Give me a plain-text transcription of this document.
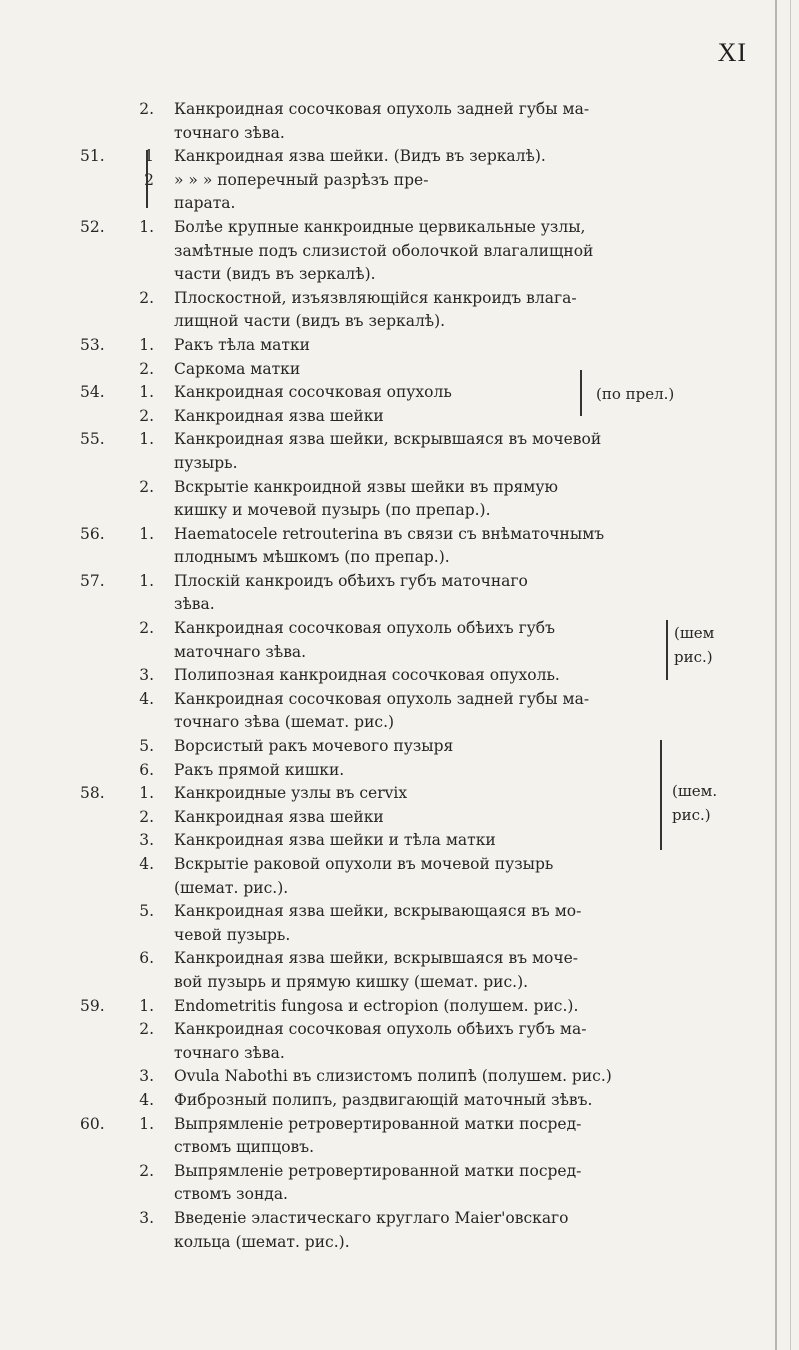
XI
2. Канкроидная сосочковая опухоль задней губы ма-
точнаго зѣва.
51.	1 Канкроидная язва шейки. (Видъ въ зеркалѣ).
2 » » » поперечный разрѣзъ пре-
парата.
52.	1. Болѣе крупные канкроидные цервикальные узлы,
замѣтные подъ слизистой оболочкой влагалищной
части (видъ въ зеркалѣ).
2. Плоскостной, изъязвляющійся канкроидъ влага-
лищной части (видъ въ зеркалѣ).
53.	1. Ракъ тѣла матки
2. Саркома матки
54.	1. Канкроидная сосочковая опухоль
2. Канкроидная язва шейки
55.	1. Канкроидная язва шейки, вскрывшаяся въ мочевой
пузырь.
2. Вскрытіе канкроидной язвы шейки въ прямую
кишку и мочевой пузырь (по препар.).
56.	1. Haematocele retrouterina въ связи съ внѣматочнымъ
плоднымъ мѣшкомъ (по препар.).
57.	1. Плоскій канкроидъ обѣихъ губъ маточнаго
зѣва.
2. Канкроидная сосочковая опухоль обѣихъ губъ
маточнаго зѣва.
3. Полипозная канкроидная сосочковая опухоль.
4. Канкроидная сосочковая опухоль задней губы ма-
точнаго зѣва (шемат. рис.)
5. Ворсистый ракъ мочевого пузыря
6. Ракъ прямой кишки.
58.	1. Канкроидные узлы въ cervix
2. Канкроидная язва шейки
3. Канкроидная язва шейки и тѣла матки
4. Вскрытіе раковой опухоли въ мочевой пузырь
(шемат. рис.).
5. Канкроидная язва шейки, вскрывающаяся въ мо-
чевой пузырь.
6. Канкроидная язва шейки, вскрывшаяся въ моче-
вой пузырь и прямую кишку (шемат. рис.).
59.	1. Endometritis fungosa и ectropion (полушем. рис.).
2. Канкроидная сосочковая опухоль обѣихъ губъ ма-
точнаго зѣва.
3. Ovula Nabothi въ слизистомъ полипѣ (полушем. рис.)
4. Фиброзный полипъ, раздвигающій маточный зѣвъ.
60.	1. Выпрямленіе ретровертированной матки посред-
ствомъ щипцовъ.
2. Выпрямленіе ретровертированной матки посред-
ствомъ зонда.
3. Введеніе эластическаго круглаго Maier'овскаго
кольца (шемат. рис.).
(по прел.)
(шем
рис.)
(шем.
рис.)
